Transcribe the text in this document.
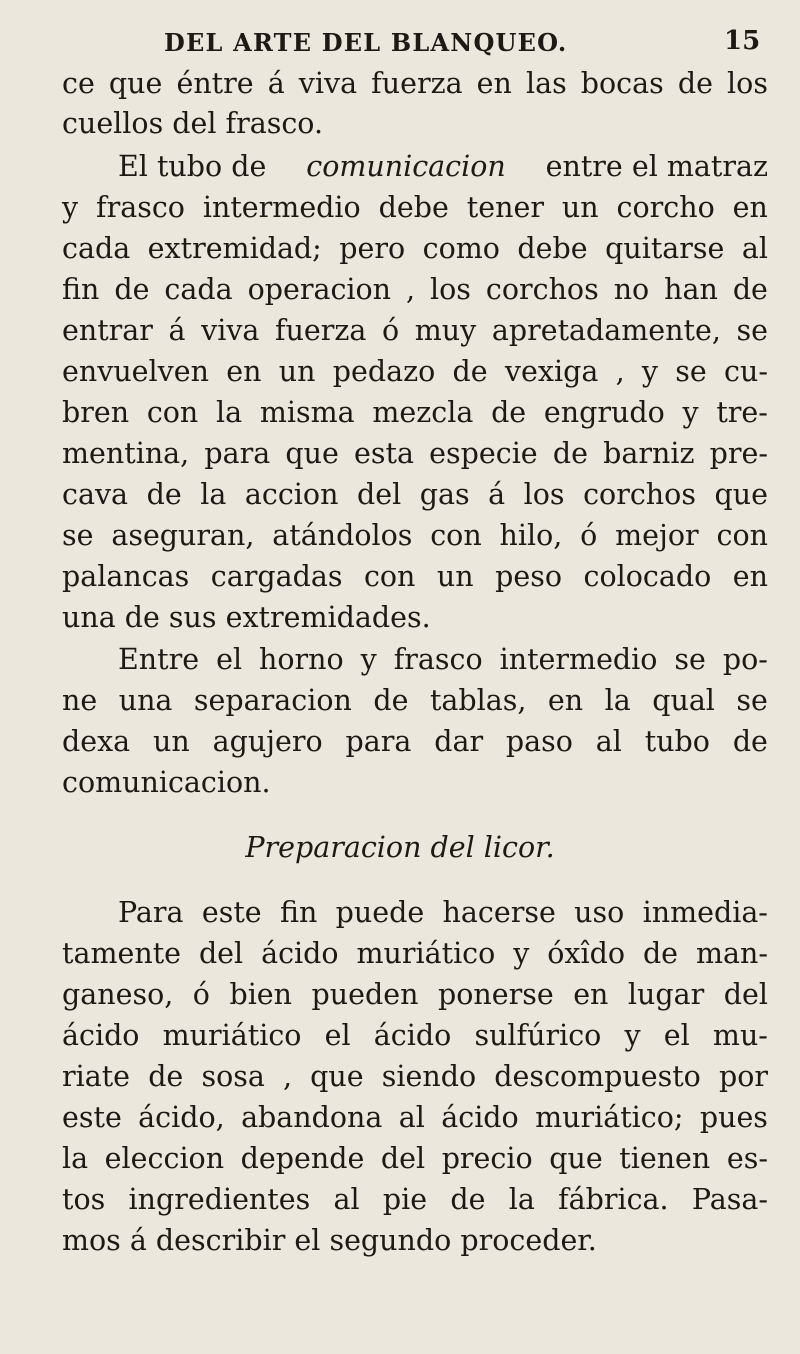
DEL ARTE DEL BLANQUEO.	15
ce que éntre á viva fuerza en las bocas de los
cuellos del frasco.
El tubo de comunicacion entre el matraz
y frasco intermedio debe tener un corcho en
cada extremidad; pero como debe quitarse al
fin de cada operacion , los corchos no han de
entrar á viva fuerza ó muy apretadamente, se
envuelven en un pedazo de vexiga , y se cu-
bren con la misma mezcla de engrudo y tre-
mentina, para que esta especie de barniz pre-
cava de la accion del gas á los corchos que
se aseguran, atándolos con hilo, ó mejor con
palancas cargadas con un peso colocado en
una de sus extremidades.
Entre el horno y frasco intermedio se po-
ne una separacion de tablas, en la qual se
dexa un agujero para dar paso al tubo de
comunicacion.
Preparacion del licor.
Para este fin puede hacerse uso inmedia-
tamente del ácido muriático y óxîdo de man-
ganeso, ó bien pueden ponerse en lugar del
ácido muriático el ácido sulfúrico y el mu-
riate de sosa , que siendo descompuesto por
este ácido, abandona al ácido muriático; pues
la eleccion depende del precio que tienen es-
tos ingredientes al pie de la fábrica. Pasa-
mos á describir el segundo proceder.
